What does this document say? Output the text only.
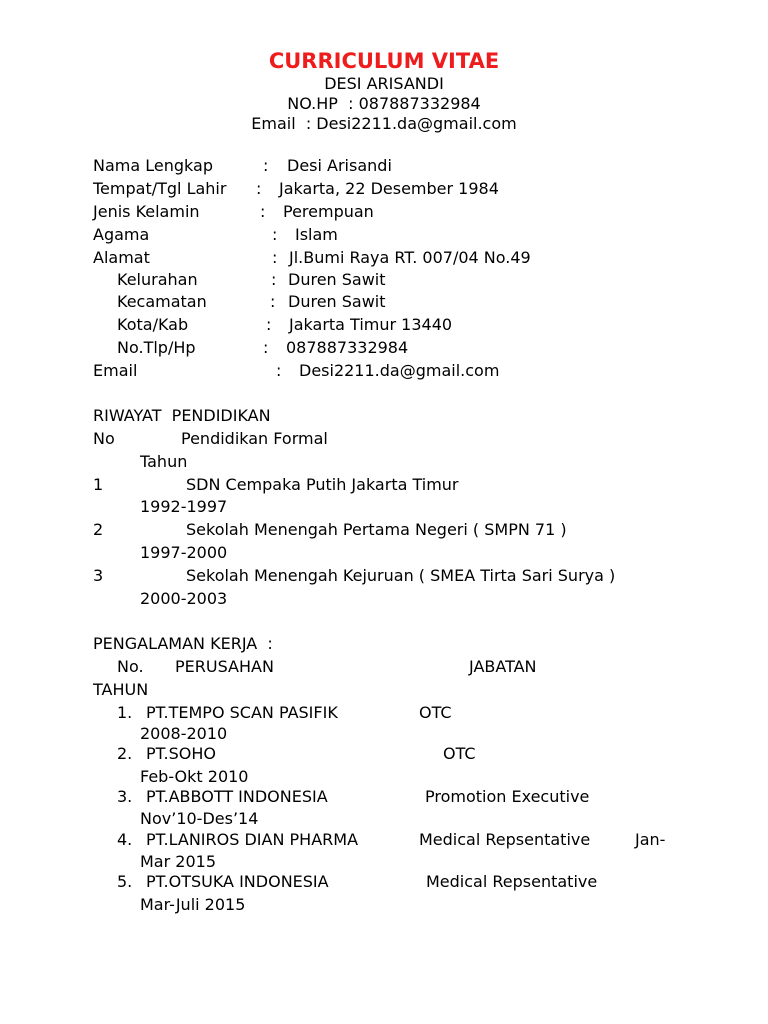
CURRICULUM VITAE
DESI ARISANDI
NO.HP  : 087887332984
Email  : Desi2211.da@gmail.com
Nama Lengkap	: Desi Arisandi
Tempat/Tgl Lahir : Jakarta, 22 Desember 1984
Jenis Kelamin	: Perempuan
Agama	: Islam
Alamat	: Jl.Bumi Raya RT. 007/04 No.49
Kelurahan	: Duren Sawit
Kecamatan	: Duren Sawit
Kota/Kab	: Jakarta Timur 13440
No.Tlp/Hp	: 087887332984
Email	: Desi2211.da@gmail.com
RIWAYAT  PENDIDIKAN
No	Pendidikan Formal
Tahun
1	SDN Cempaka Putih Jakarta Timur
1992-1997
2	Sekolah Menengah Pertama Negeri ( SMPN 71 )
1997-2000
3	Sekolah Menengah Kejuruan ( SMEA Tirta Sari Surya )
2000-2003
PENGALAMAN KERJA  :
No. PERUSAHAN	JABATAN
TAHUN
1. PT.TEMPO SCAN PASIFIK	OTC
2008-2010
2. PT.SOHO	OTC
Feb-Okt 2010
3. PT.ABBOTT INDONESIA	Promotion Executive
Nov’10-Des’14
4. PT.LANIROS DIAN PHARMA	Medical Repsentative	Jan-
Mar 2015
5. PT.OTSUKA INDONESIA	Medical Repsentative
Mar-Juli 2015
